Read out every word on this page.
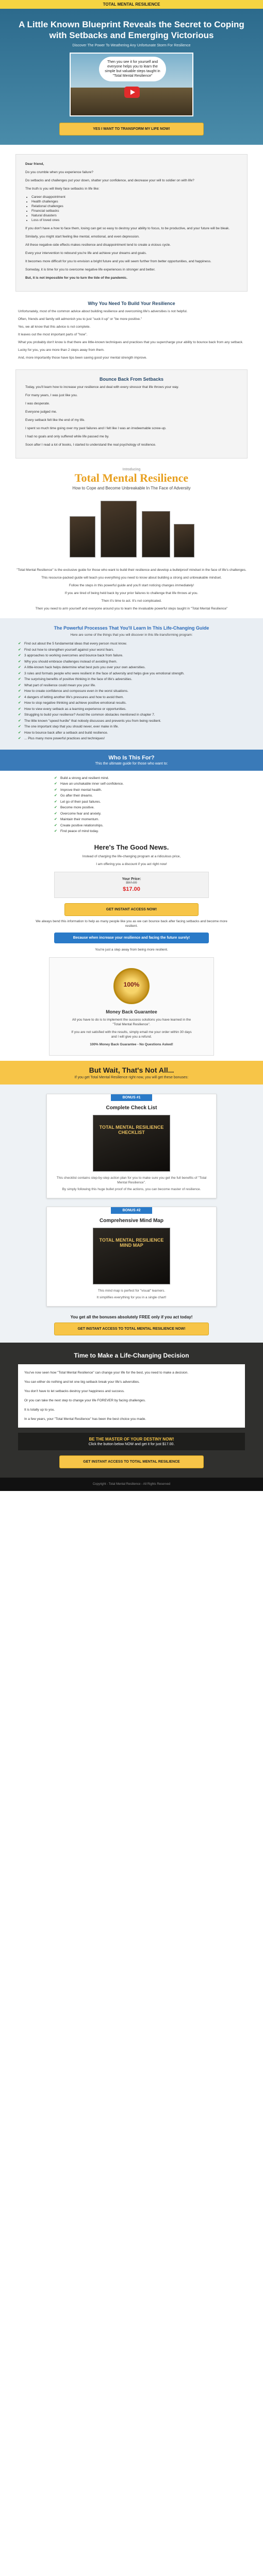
TOTAL MENTAL RESILIENCE
A Little Known Blueprint Reveals the Secret to Coping with Setbacks and Emerging Victorious
Discover The Power To Weathering Any Unfortunate Storm For Resilience
Then you see it for yourself and everyone helps you to learn the simple but valuable steps taught in "Total Mental Resilience"
YES I WANT TO TRANSFORM MY LIFE NOW!

Dear friend,

Do you crumble when you experience failure?

Do setbacks and challenges put your down, shatter your confidence, and decrease your will to soldier on with life?

The truth is you will likely face setbacks in life like:

• Career disappointment
• Health challenges
• Relational challenges
• Financial setbacks
• Natural disasters
• Loss of loved ones

If you don't have a how to face them, losing can get so easy to destroy your ability to focus, to be productive, and your future will be bleak.

Similarly, you might start feeling like mental, emotional, and even depression.

All these negative-side effects makes resilience and disappointment tend to create a vicious cycle.

Every your intervention to rebound you're life and achieve your dreams and goals.

It becomes more difficult for you to envision a bright future and you will seem further from better opportunities, and happiness.

Someday, it is time for you to overcome negative life experiences in stronger and better.

But, it is not impossible for you to turn the tide of the pandemic.

Why You Need To Build Your Resilience

Unfortunately, most of the common advice about building resilience and overcoming life's adversities is not helpful.

Often, friends and family will admonish you to just "suck it up" or "be more positive."

Yes, we all know that this advice is not complete.

It leaves out the most important parts of "how".

What you probably don't know is that there are little-known techniques and practices that you supercharge your ability to bounce back from any setback.

Lucky for you, you are more than 2 steps away from them.

And, more importantly those have tips been saving good your mental strength improve.

Bounce Back From Setbacks

Today, you'll learn how to increase your resilience and deal with every stressor that life throws your way.

For many years, I was just like you.

I was desperate.

Everyone judged me.

Every setback felt like the end of my life.

I spent so much time going over my past failures and I felt like I was an irredeemable screw-up.

I had no goals and only suffered while life passed me by.

Soon after I read a lot of books, I started to understand the real psychology of resilience.

Introducing
Total Mental Resilience
How to Cope and Become Unbreakable In The Face of Adversity
"Total Mental Resilience" is the exclusive guide for those who want to build their resilience and develop a bulletproof mindset in the face of life's challenges.
This resource-packed guide will teach you everything you need to know about building a strong and unbreakable mindset.
Follow the steps in this powerful guide and you'll start noticing changes immediately!
If you are tired of being held back by your prior failures to challenge that life throws at you.
Then it's time to act. It's not complicated.
Then you need to arm yourself and everyone around you to learn the invaluable powerful steps taught in "Total Mental Resilience"
The Powerful Processes That You'll Learn In This Life-Changing Guide
Here are some of the things that you will discover in this life-transforming program:
✔ Find out about the 5 fundamental ideas that every person must know.
✔ Find out how to strengthen yourself against your worst fears.
✔ 3 approaches to working overcomes and bounce back from failure.
✔ Why you should embrace challenges instead of avoiding them.
✔ A little-known hack helps determine what best puts you over your own adversities.
✔ 3 rules and formats people who were resilient in the face of adversity and helps give you emotional strength.
✔ The surprising benefits of positive thinking in the face of life's adversities.
✔ What part of resilience could mean you your life.
✔ How to create confidence and composure even in the worst situations.
✔ 4 dangers of letting another life's pressures and how to avoid them.
✔ How to stop negative thinking and achieve positive emotional results.
✔ How to view every setback as a learning experience or opportunities.
✔ Struggling to build your resilience? Avoid the common obstacles mentioned in chapter 7.
✔ The little known "speed hurdle" that nobody discusses and prevents you from being resilient.
✔ The one important step that you should never, ever make in life.
✔ How to bounce back after a setback and build resilience.
✔ ... Plus many more powerful practices and techniques!
Who Is This For?
This the ultimate guide for those who want to:
✔ Build a strong and resilient mind.
✔ Have an unshakable inner self-confidence.
✔ Improve their mental health.
✔ Go after their dreams.
✔ Let go of their past failures.
✔ Become more positive.
✔ Overcome fear and anxiety.
✔ Maintain their momentum.
✔ Create positive relationships.
✔ Find peace of mind today.
Here's The Good News.
Instead of charging the life-changing program at a ridiculous price,
I am offering you a discount if you act right now!
Your Price:
$97.00
$17.00
GET INSTANT ACCESS NOW!
We always bend this information to help as many people like you as we can bounce back after facing setbacks and become more resilient.
Because when increase your resilience and facing the future surely!
You're just a step away from being more resilient.
100%
Money Back Guarantee
All you have to do is to implement the success solutions you have learned in the "Total Mental Resilience".
If you are not satisfied with the results, simply email me your order within 30 days and I will give you a refund.
100% Money Back Guarantee - No Questions Asked!
But Wait, That's Not All...
If you get Total Mental Resilience right now, you will get these bonuses:
BONUS #1
Complete Check List
TOTAL MENTAL RESILIENCE CHECKLIST

This checklist contains step-by-step action plan for you to make sure you get the full benefits of "Total Mental Resilience".

By simply following this huge bullet proof of the actions, you can become master of resilience.

BONUS #2
Comprehensive Mind Map
TOTAL MENTAL RESILIENCE MIND MAP

This mind map is perfect for "visual" learners.

It simplifies everything for you in a single chart!

You get all the bonuses absolutely FREE only if you act today!
GET INSTANT ACCESS TO TOTAL MENTAL RESILIENCE NOW!
Time to Make a Life-Changing Decision

You've now seen how "Total Mental Resilience" can change your life for the best, you need to make a decision.

You can either do nothing and let one big setback break your life's adversities.

You don't have to let setbacks destroy your happiness and success.

Or you can take the next step to change your life FOREVER by facing challenges.

It is totally up to you.

In a few years, your "Total Mental Resilience" has been the best choice you made.

BE THE MASTER OF YOUR DESTINY NOW!
Click the button below NOW and get it for just $17.00.
GET INSTANT ACCESS TO TOTAL MENTAL RESILIENCE
Copyright - Total Mental Resilience - All Rights Reserved
